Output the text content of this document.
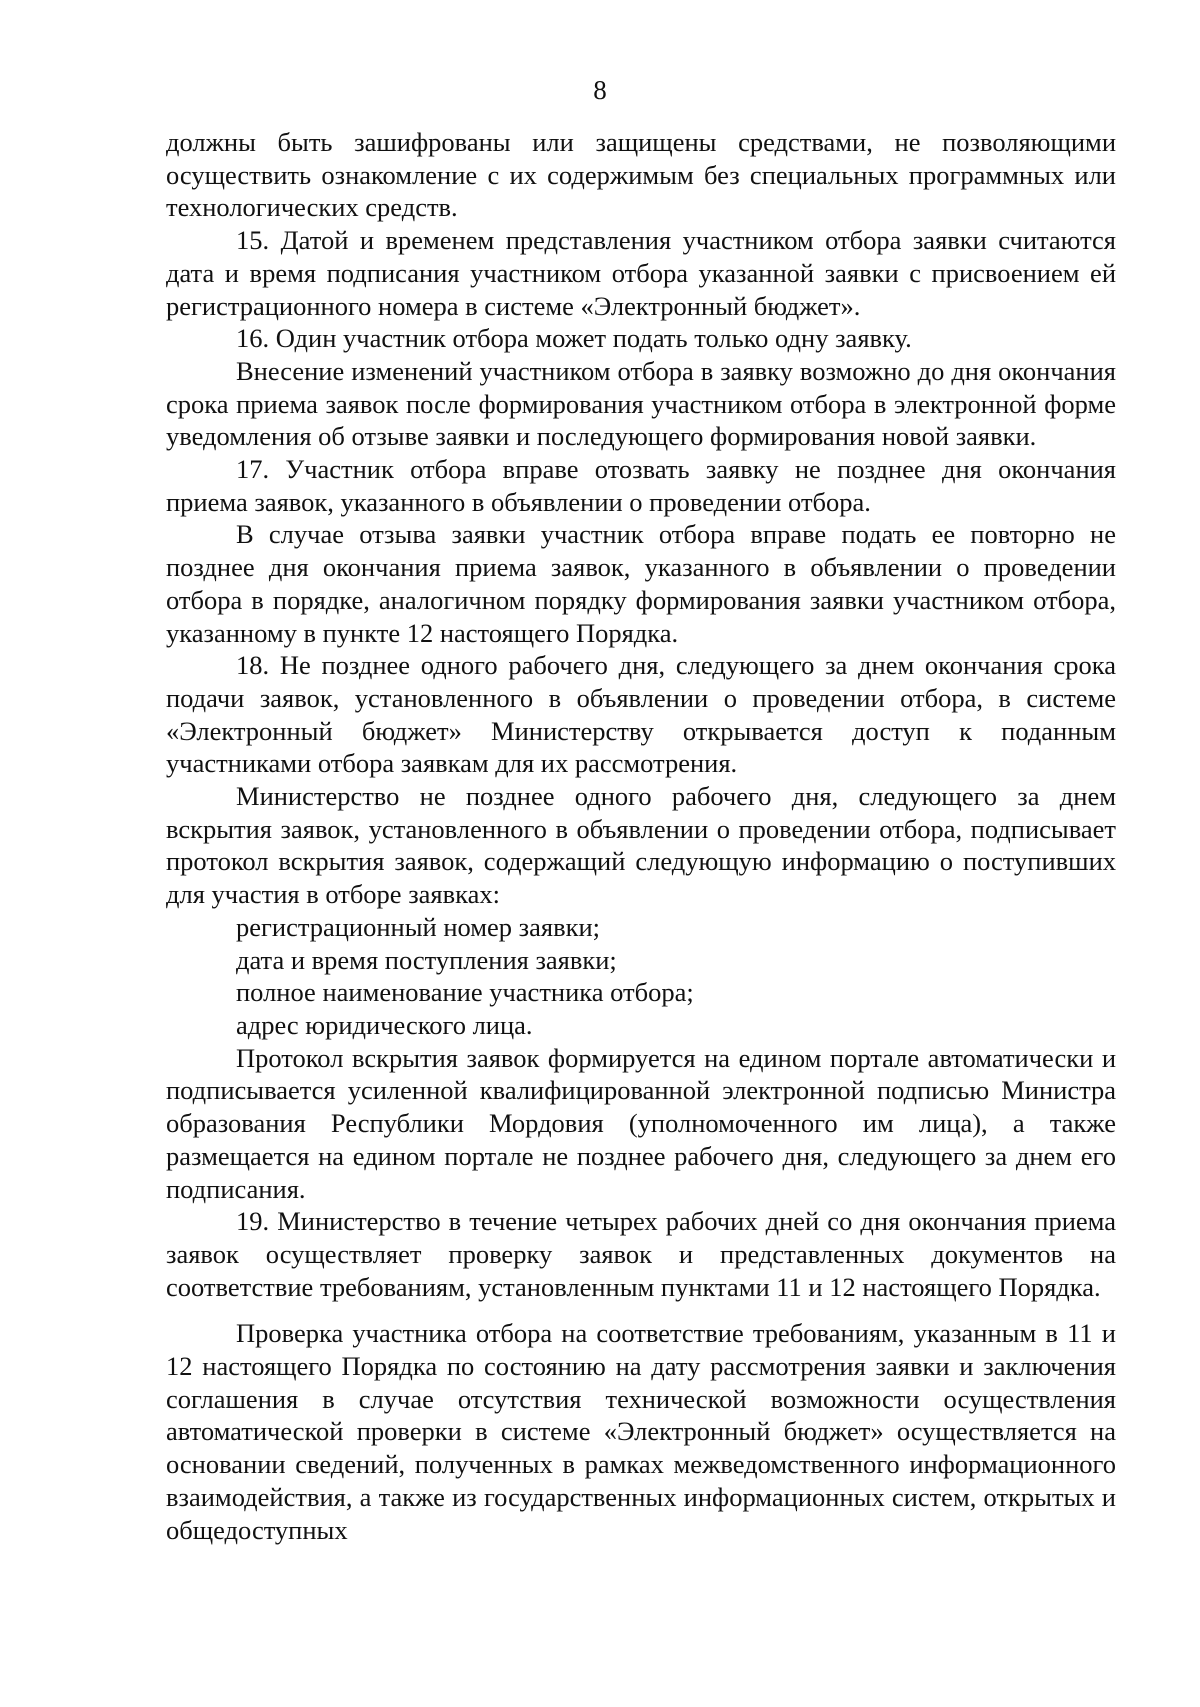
8

должны быть зашифрованы или защищены средствами, не позволяющими осуществить ознакомление с их содержимым без специальных программных или технологических средств.

15. Датой и временем представления участником отбора заявки считаются дата и время подписания участником отбора указанной заявки с присвоением ей регистрационного номера в системе «Электронный бюджет».

16. Один участник отбора может подать только одну заявку.

Внесение изменений участником отбора в заявку возможно до дня окончания срока приема заявок после формирования участником отбора в электронной форме уведомления об отзыве заявки и последующего формирования новой заявки.

17. Участник отбора вправе отозвать заявку не позднее дня окончания приема заявок, указанного в объявлении о проведении отбора.

В случае отзыва заявки участник отбора вправе подать ее повторно не позднее дня окончания приема заявок, указанного в объявлении о проведении отбора в порядке, аналогичном порядку формирования заявки участником отбора, указанному в пункте 12 настоящего Порядка.

18. Не позднее одного рабочего дня, следующего за днем окончания срока подачи заявок, установленного в объявлении о проведении отбора, в системе «Электронный бюджет» Министерству открывается доступ к поданным участниками отбора заявкам для их рассмотрения.

Министерство не позднее одного рабочего дня, следующего за днем вскрытия заявок, установленного в объявлении о проведении отбора, подписывает протокол вскрытия заявок, содержащий следующую информацию о поступивших для участия в отборе заявках:

регистрационный номер заявки;

дата и время поступления заявки;

полное наименование участника отбора;

адрес юридического лица.

Протокол вскрытия заявок формируется на едином портале автоматически и подписывается усиленной квалифицированной электронной подписью Министра образования Республики Мордовия (уполномоченного им лица), а также размещается на едином портале не позднее рабочего дня, следующего за днем его подписания.

19. Министерство в течение четырех рабочих дней со дня окончания приема заявок осуществляет проверку заявок и представленных документов на соответствие требованиям, установленным пунктами 11 и 12 настоящего Порядка.

Проверка участника отбора на соответствие требованиям, указанным в 11 и 12 настоящего Порядка по состоянию на дату рассмотрения заявки и заключения соглашения в случае отсутствия технической возможности осуществления автоматической проверки в системе «Электронный бюджет» осуществляется на основании сведений, полученных в рамках межведомственного информационного взаимодействия, а также из государственных информационных систем, открытых и общедоступных
